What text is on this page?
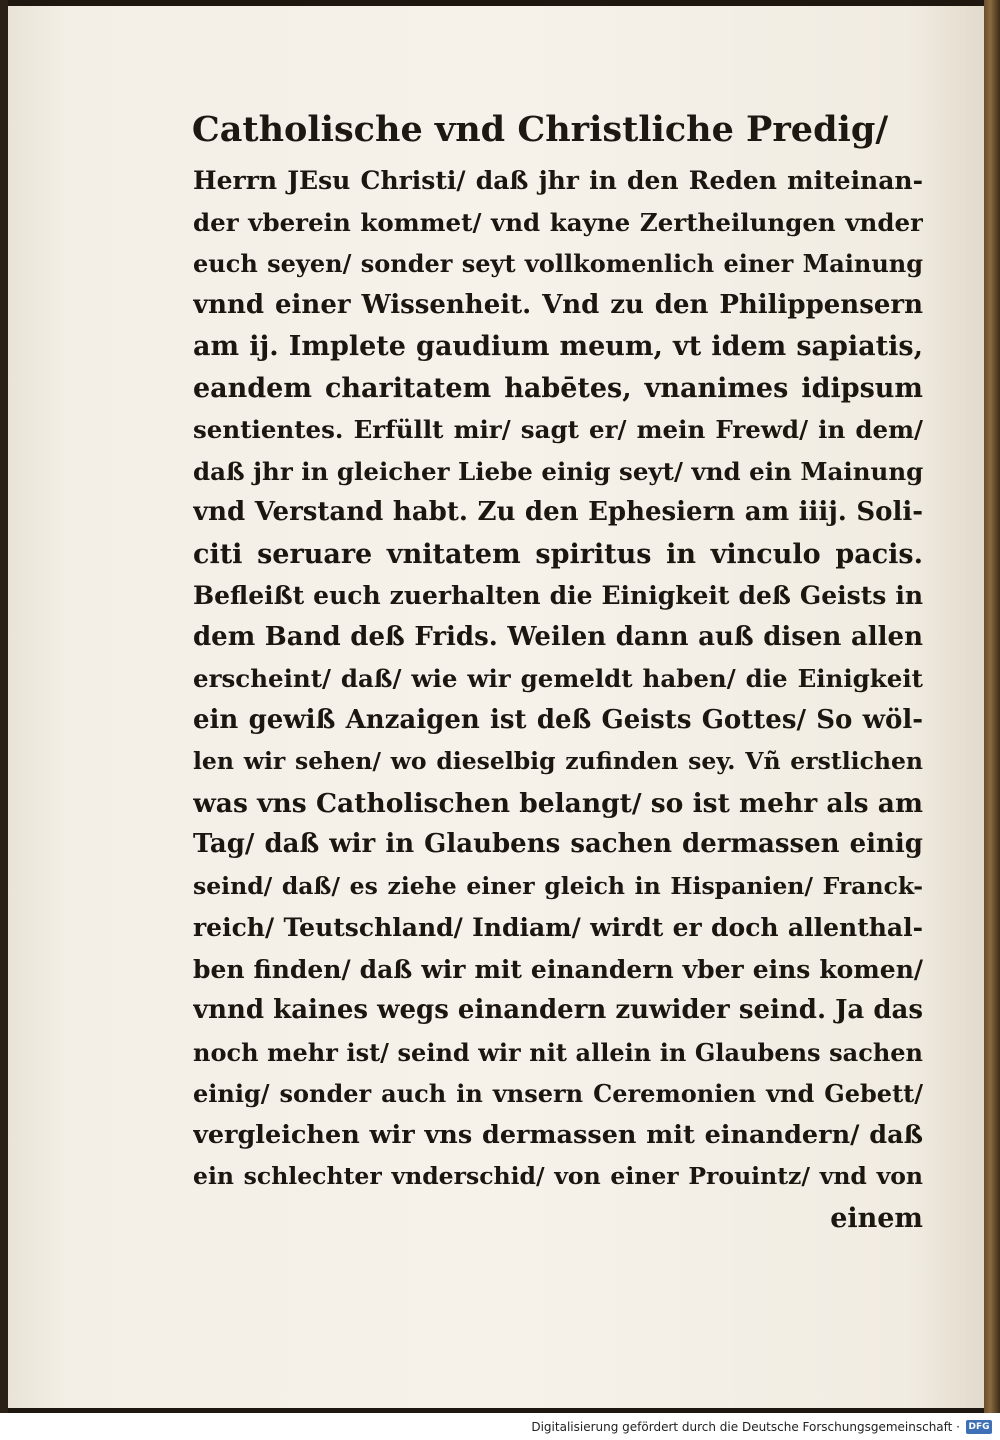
Catholische vnd Christliche Predig/
Herrn JEsu Christi/ daß jhr in den Reden miteinan-
der vberein kommet/ vnd kayne Zertheilungen vnder
euch seyen/ sonder seyt vollkomenlich einer Mainung
vnnd einer Wissenheit. Vnd zu den Philippensern
am ij. Implete gaudium meum, vt idem sapiatis,
eandem charitatem habētes, vnanimes idipsum
sentientes. Erfüllt mir/ sagt er/ mein Frewd/ in dem/
daß jhr in gleicher Liebe einig seyt/ vnd ein Mainung
vnd Verstand habt. Zu den Ephesiern am iiij. Soli-
citi seruare vnitatem spiritus in vinculo pacis.
Befleißt euch zuerhalten die Einigkeit deß Geists in
dem Band deß Frids. Weilen dann auß disen allen
erscheint/ daß/ wie wir gemeldt haben/ die Einigkeit
ein gewiß Anzaigen ist deß Geists Gottes/ So wöl-
len wir sehen/ wo dieselbig zufinden sey. Vñ erstlichen
was vns Catholischen belangt/ so ist mehr als am
Tag/ daß wir in Glaubens sachen dermassen einig
seind/ daß/ es ziehe einer gleich in Hispanien/ Franck-
reich/ Teutschland/ Indiam/ wirdt er doch allenthal-
ben finden/ daß wir mit einandern vber eins komen/
vnnd kaines wegs einandern zuwider seind. Ja das
noch mehr ist/ seind wir nit allein in Glaubens sachen
einig/ sonder auch in vnsern Ceremonien vnd Gebett/
vergleichen wir vns dermassen mit einandern/ daß
ein schlechter vnderschid/ von einer Prouintz/ vnd von
einem
Digitalisierung gefördert durch die Deutsche Forschungsgemeinschaft · DFG
